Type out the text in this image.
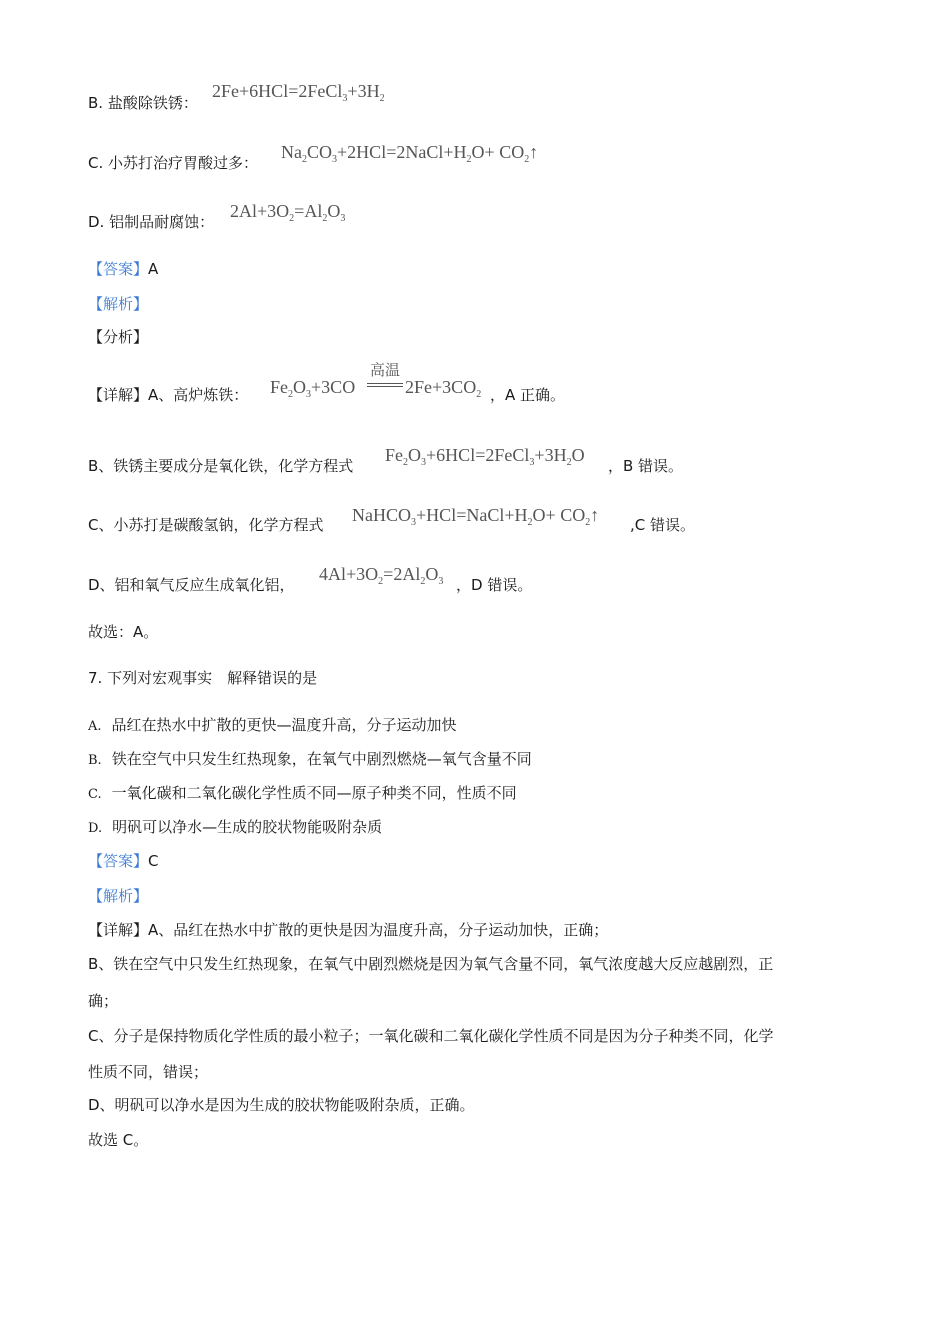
B. 盐酸除铁锈：
$2Fe+6HCl=2FeCl_3+3H_2$
C. 小苏打治疗胃酸过多：
$Na_2CO_3+2HCl=2NaCl+H_2O+$ $CO_2↑$
D. 铝制品耐腐蚀：
$2Al+3O_2=Al_2O_3$
【答案】A
【解析】
【分析】
【详解】A、高炉炼铁： $Fe_2O_3+3CO$
高温
$2Fe+3CO_2$ ，A 正确。
B、铁锈主要成分是氧化铁，化学方程式
$Fe_2O_3+6HCl=2FeCl_3+3H_2O$
，B 错误。
C、小苏打是碳酸氢钠，化学方程式 $NaHCO_3+HCl=NaCl+H_2O+$ $CO_2↑$ ,C 错误。
D、铝和氧气反应生成氧化铝，
$4Al+3O_2=2Al_2O_3$ ，D 错误。
故选：A。
7. 下列对宏观事实　解释错误的是
A. 品红在热水中扩散的更快—温度升高，分子运动加快
B. 铁在空气中只发生红热现象，在氧气中剧烈燃烧—氧气含量不同
C. 一氧化碳和二氧化碳化学性质不同—原子种类不同，性质不同
D. 明矾可以净水—生成的胶状物能吸附杂质
【答案】C
【解析】
【详解】A、品红在热水中扩散的更快是因为温度升高，分子运动加快，正确；
B、铁在空气中只发生红热现象，在氧气中剧烈燃烧是因为氧气含量不同，氧气浓度越大反应越剧烈，正
确；
C、分子是保持物质化学性质的最小粒子；一氧化碳和二氧化碳化学性质不同是因为分子种类不同，化学
性质不同，错误；
D、明矾可以净水是因为生成的胶状物能吸附杂质，正确。
故选 C。
